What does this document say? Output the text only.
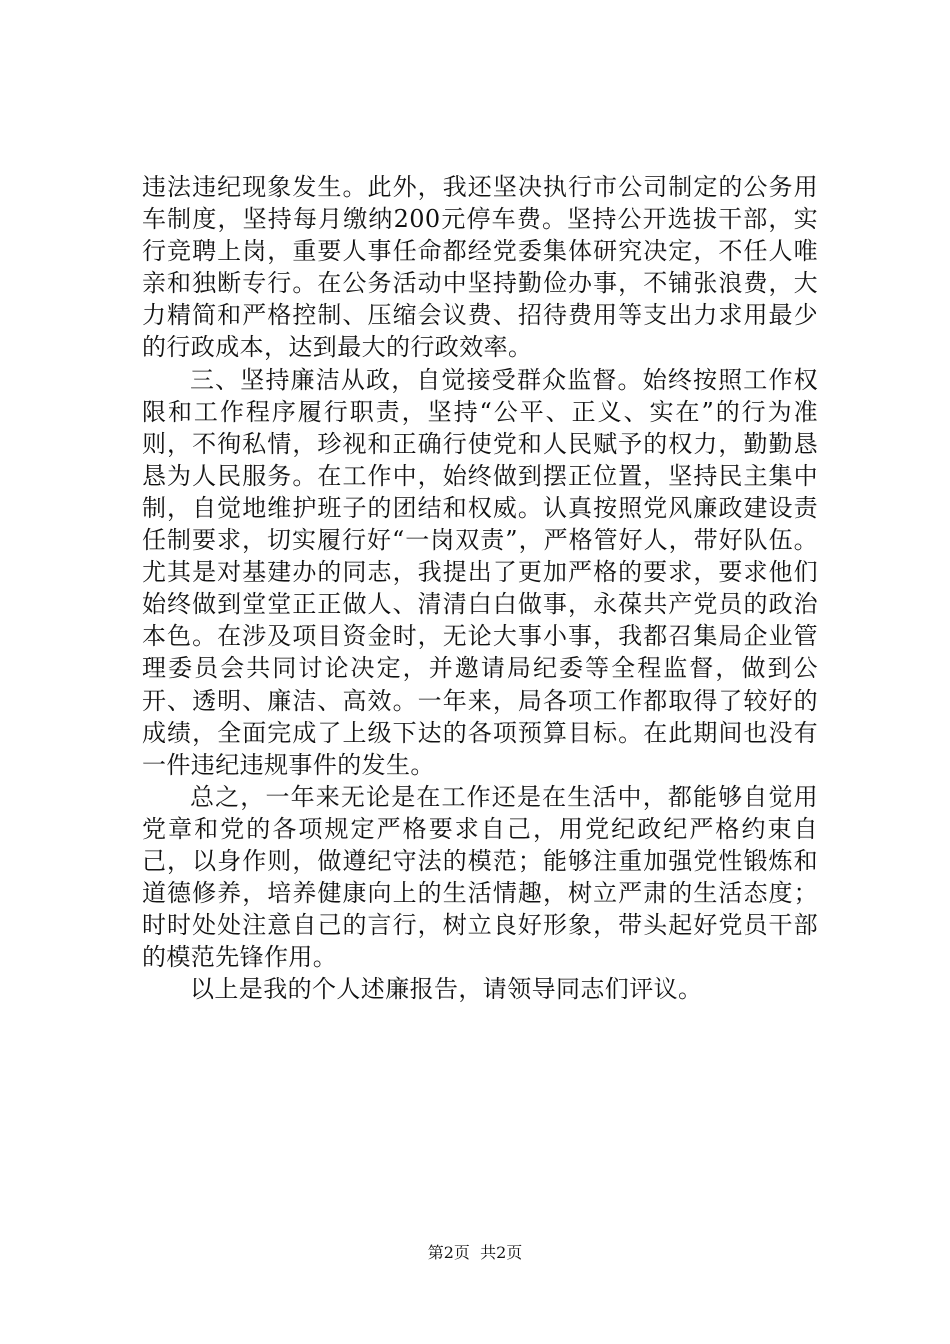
违法违纪现象发生。此外，我还坚决执行市公司制定的公务用车制度，坚持每月缴纳200元停车费。坚持公开选拔干部，实行竞聘上岗，重要人事任命都经党委集体研究决定，不任人唯亲和独断专行。在公务活动中坚持勤俭办事，不铺张浪费，大力精简和严格控制、压缩会议费、招待费用等支出力求用最少的行政成本，达到最大的行政效率。

三、坚持廉洁从政，自觉接受群众监督。始终按照工作权限和工作程序履行职责，坚持“公平、正义、实在”的行为准则，不徇私情，珍视和正确行使党和人民赋予的权力，勤勤恳恳为人民服务。在工作中，始终做到摆正位置，坚持民主集中制，自觉地维护班子的团结和权威。认真按照党风廉政建设责任制要求，切实履行好“一岗双责”，严格管好人，带好队伍。尤其是对基建办的同志，我提出了更加严格的要求，要求他们始终做到堂堂正正做人、清清白白做事，永葆共产党员的政治本色。在涉及项目资金时，无论大事小事，我都召集局企业管理委员会共同讨论决定，并邀请局纪委等全程监督，做到公开、透明、廉洁、高效。一年来，局各项工作都取得了较好的成绩，全面完成了上级下达的各项预算目标。在此期间也没有一件违纪违规事件的发生。

总之，一年来无论是在工作还是在生活中，都能够自觉用党章和党的各项规定严格要求自己，用党纪政纪严格约束自己，以身作则，做遵纪守法的模范；能够注重加强党性锻炼和道德修养，培养健康向上的生活情趣，树立严肃的生活态度；时时处处注意自己的言行，树立良好形象，带头起好党员干部的模范先锋作用。

以上是我的个人述廉报告，请领导同志们评议。

第2页  共2页
